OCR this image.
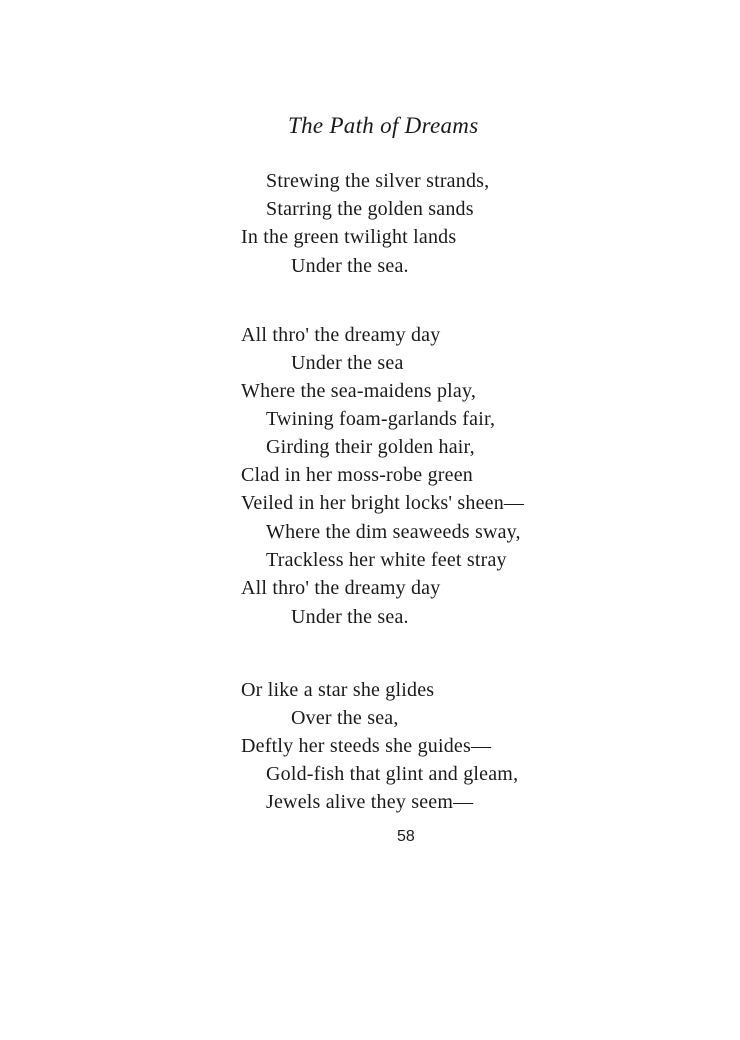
The Path of Dreams
Strewing the silver strands,
Starring the golden sands
In the green twilight lands
Under the sea.
All thro' the dreamy day
Under the sea
Where the sea-maidens play,
Twining foam-garlands fair,
Girding their golden hair,
Clad in her moss-robe green
Veiled in her bright locks' sheen—
Where the dim seaweeds sway,
Trackless her white feet stray
All thro' the dreamy day
Under the sea.
Or like a star she glides
Over the sea,
Deftly her steeds she guides—
Gold-fish that glint and gleam,
Jewels alive they seem—
58
